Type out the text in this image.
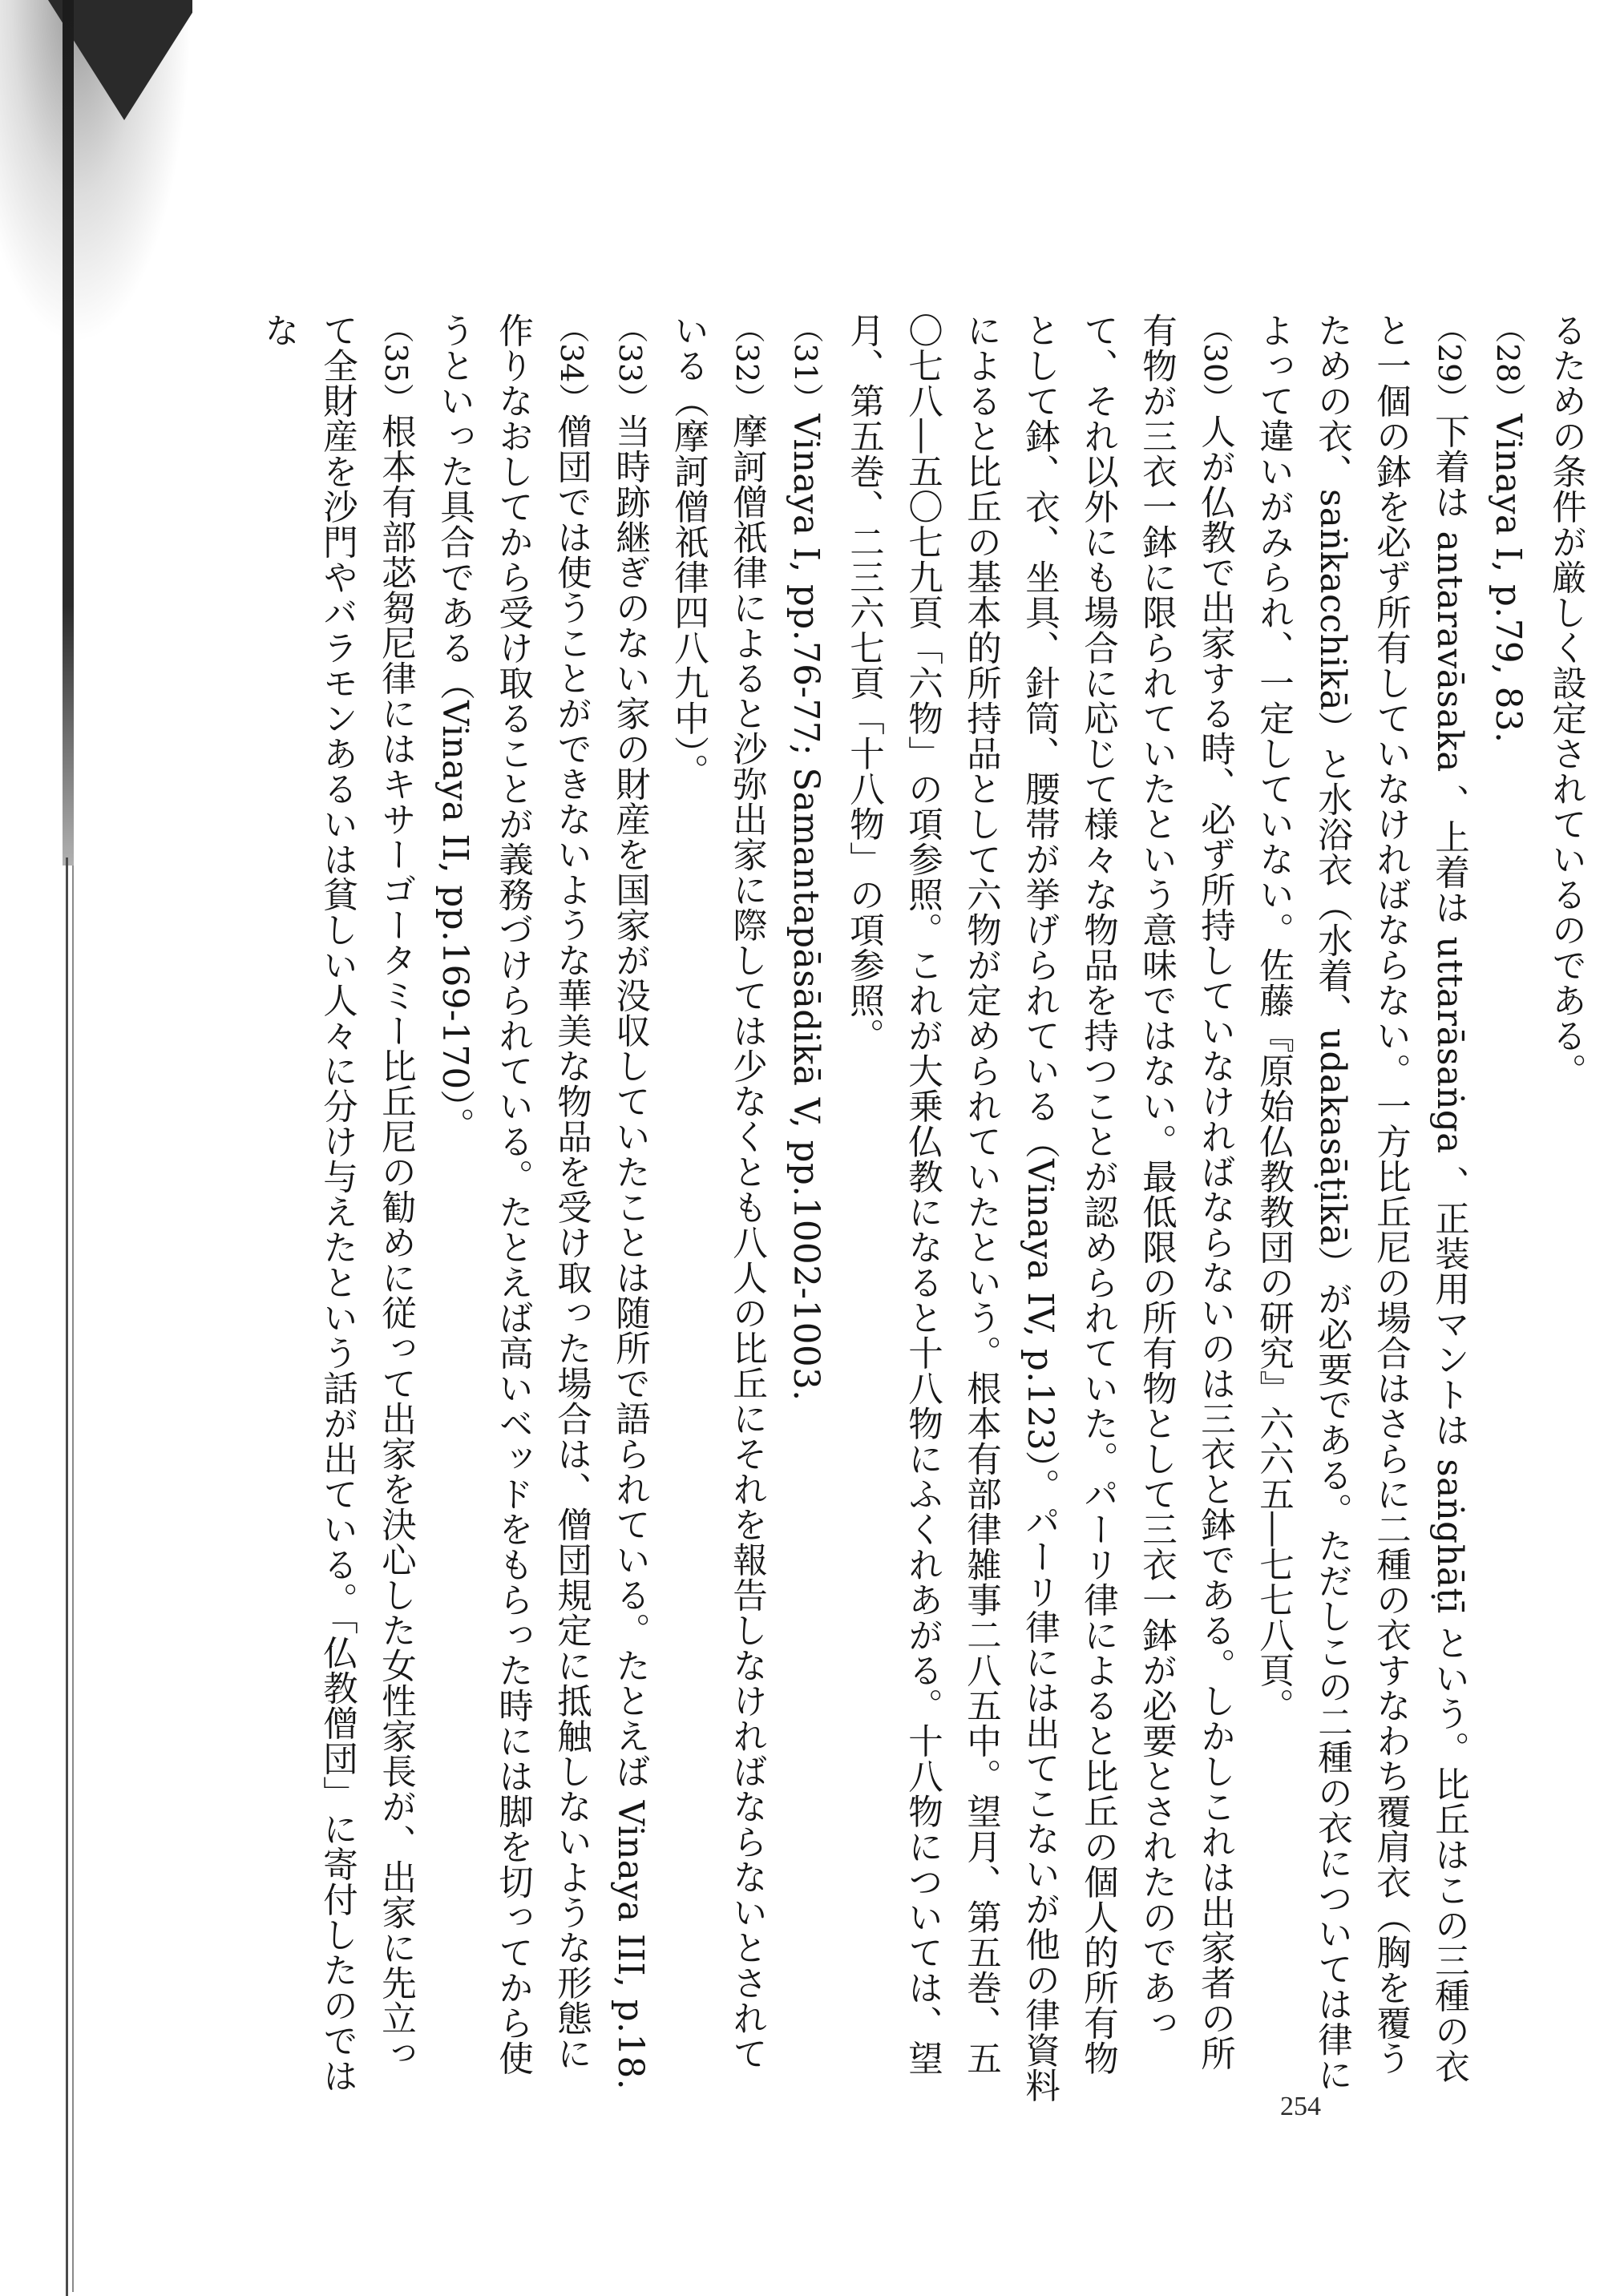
るための条件が厳しく設定されているのである。

（28）Vinaya I, p.79, 83.

（29）下着は antaravāsaka 、上着は uttarāsaṅga 、正装用マントは saṅghāṭī という。比丘はこの三種の衣と一個の鉢を必ず所有していなければならない。一方比丘尼の場合はさらに二種の衣すなわち覆肩衣（胸を覆うための衣、saṅkacchikā）と水浴衣（水着、udakasāṭikā）が必要である。ただしこの二種の衣については律によって違いがみられ、一定していない。佐藤『原始仏教教団の研究』六六五―七七八頁。

（30）人が仏教で出家する時、必ず所持していなければならないのは三衣と鉢である。しかしこれは出家者の所有物が三衣一鉢に限られていたという意味ではない。最低限の所有物として三衣一鉢が必要とされたのであって、それ以外にも場合に応じて様々な物品を持つことが認められていた。パーリ律によると比丘の個人的所有物として鉢、衣、坐具、針筒、腰帯が挙げられている（Vinaya IV, p.123）。パーリ律には出てこないが他の律資料によると比丘の基本的所持品として六物が定められていたという。根本有部律雑事二八五中。望月、第五巻、五〇七八―五〇七九頁「六物」の項参照。これが大乗仏教になると十八物にふくれあがる。十八物については、望月、第五巻、二三六七頁「十八物」の項参照。

（31）Vinaya I, pp.76-77; Samantapāsādikā V, pp.1002-1003.

（32）摩訶僧祇律によると沙弥出家に際しては少なくとも八人の比丘にそれを報告しなければならないとされている（摩訶僧祇律四八九中）。

（33）当時跡継ぎのない家の財産を国家が没収していたことは随所で語られている。たとえば Vinaya III, p.18.

（34）僧団では使うことができないような華美な物品を受け取った場合は、僧団規定に抵触しないような形態に作りなおしてから受け取ることが義務づけられている。たとえば高いベッドをもらった時には脚を切ってから使うといった具合である（Vinaya II, pp.169-170）。

（35）根本有部苾芻尼律にはキサーゴータミー比丘尼の勧めに従って出家を決心した女性家長が、出家に先立って全財産を沙門やバラモンあるいは貧しい人々に分け与えたという話が出ている。「仏教僧団」に寄付したのではな

254
